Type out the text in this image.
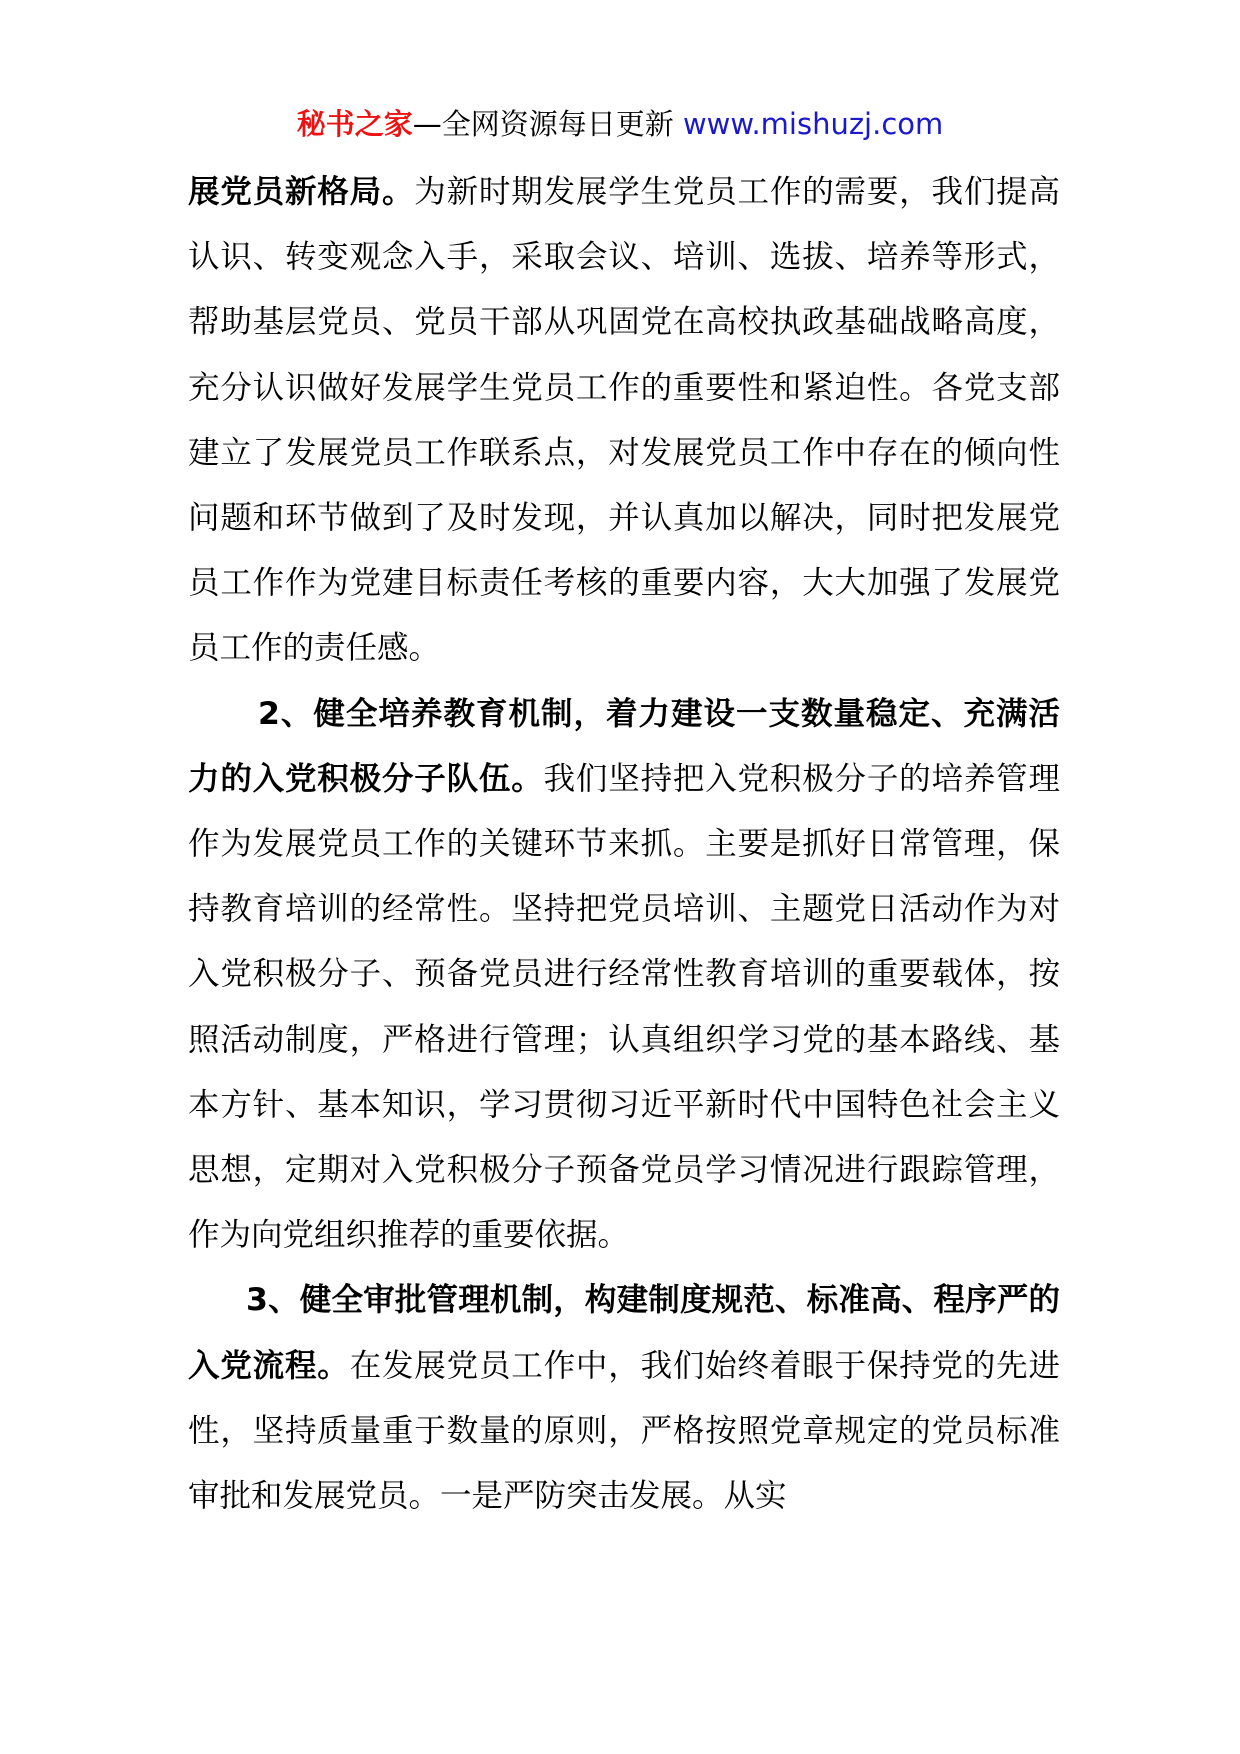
秘书之家—全网资源每日更新 www.mishuzj.com

展党员新格局。为新时期发展学生党员工作的需要，我们提高认识、转变观念入手，采取会议、培训、选拔、培养等形式，帮助基层党员、党员干部从巩固党在高校执政基础战略高度，充分认识做好发展学生党员工作的重要性和紧迫性。各党支部建立了发展党员工作联系点，对发展党员工作中存在的倾向性问题和环节做到了及时发现，并认真加以解决，同时把发展党员工作作为党建目标责任考核的重要内容，大大加强了发展党员工作的责任感。

2、健全培养教育机制，着力建设一支数量稳定、充满活力的入党积极分子队伍。我们坚持把入党积极分子的培养管理作为发展党员工作的关键环节来抓。主要是抓好日常管理，保持教育培训的经常性。坚持把党员培训、主题党日活动作为对入党积极分子、预备党员进行经常性教育培训的重要载体，按照活动制度，严格进行管理；认真组织学习党的基本路线、基本方针、基本知识，学习贯彻习近平新时代中国特色社会主义思想，定期对入党积极分子预备党员学习情况进行跟踪管理，作为向党组织推荐的重要依据。

3、健全审批管理机制，构建制度规范、标准高、程序严的入党流程。在发展党员工作中，我们始终着眼于保持党的先进性，坚持质量重于数量的原则，严格按照党章规定的党员标准审批和发展党员。一是严防突击发展。从实
